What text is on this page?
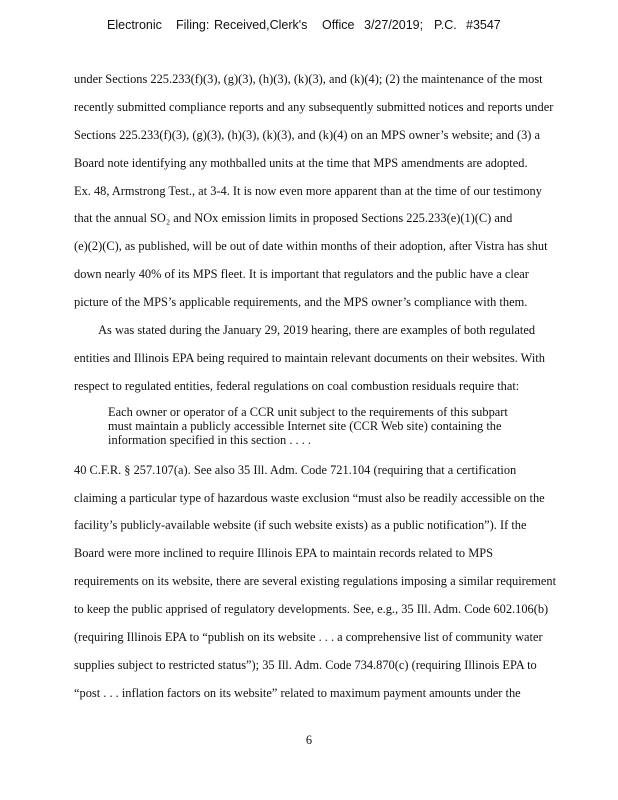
Electronic Filing: Received,Clerk's Office 3/27/2019; P.C. #3547
under Sections 225.233(f)(3), (g)(3), (h)(3), (k)(3), and (k)(4); (2) the maintenance of the most
recently submitted compliance reports and any subsequently submitted notices and reports under
Sections 225.233(f)(3), (g)(3), (h)(3), (k)(3), and (k)(4) on an MPS owner’s website; and (3) a
Board note identifying any mothballed units at the time that MPS amendments are adopted.
Ex. 48, Armstrong Test., at 3-4. It is now even more apparent than at the time of our testimony
that the annual SO₂ and NOx emission limits in proposed Sections 225.233(e)(1)(C) and
(e)(2)(C), as published, will be out of date within months of their adoption, after Vistra has shut
down nearly 40% of its MPS fleet. It is important that regulators and the public have a clear
picture of the MPS’s applicable requirements, and the MPS owner’s compliance with them.
As was stated during the January 29, 2019 hearing, there are examples of both regulated
entities and Illinois EPA being required to maintain relevant documents on their websites. With
respect to regulated entities, federal regulations on coal combustion residuals require that:
Each owner or operator of a CCR unit subject to the requirements of this subpart
must maintain a publicly accessible Internet site (CCR Web site) containing the
information specified in this section . . . .
40 C.F.R. § 257.107(a). See also 35 Ill. Adm. Code 721.104 (requiring that a certification
claiming a particular type of hazardous waste exclusion “must also be readily accessible on the
facility’s publicly-available website (if such website exists) as a public notification”). If the
Board were more inclined to require Illinois EPA to maintain records related to MPS
requirements on its website, there are several existing regulations imposing a similar requirement
to keep the public apprised of regulatory developments. See, e.g., 35 Ill. Adm. Code 602.106(b)
(requiring Illinois EPA to “publish on its website . . . a comprehensive list of community water
supplies subject to restricted status”); 35 Ill. Adm. Code 734.870(c) (requiring Illinois EPA to
“post . . . inflation factors on its website” related to maximum payment amounts under the
6
